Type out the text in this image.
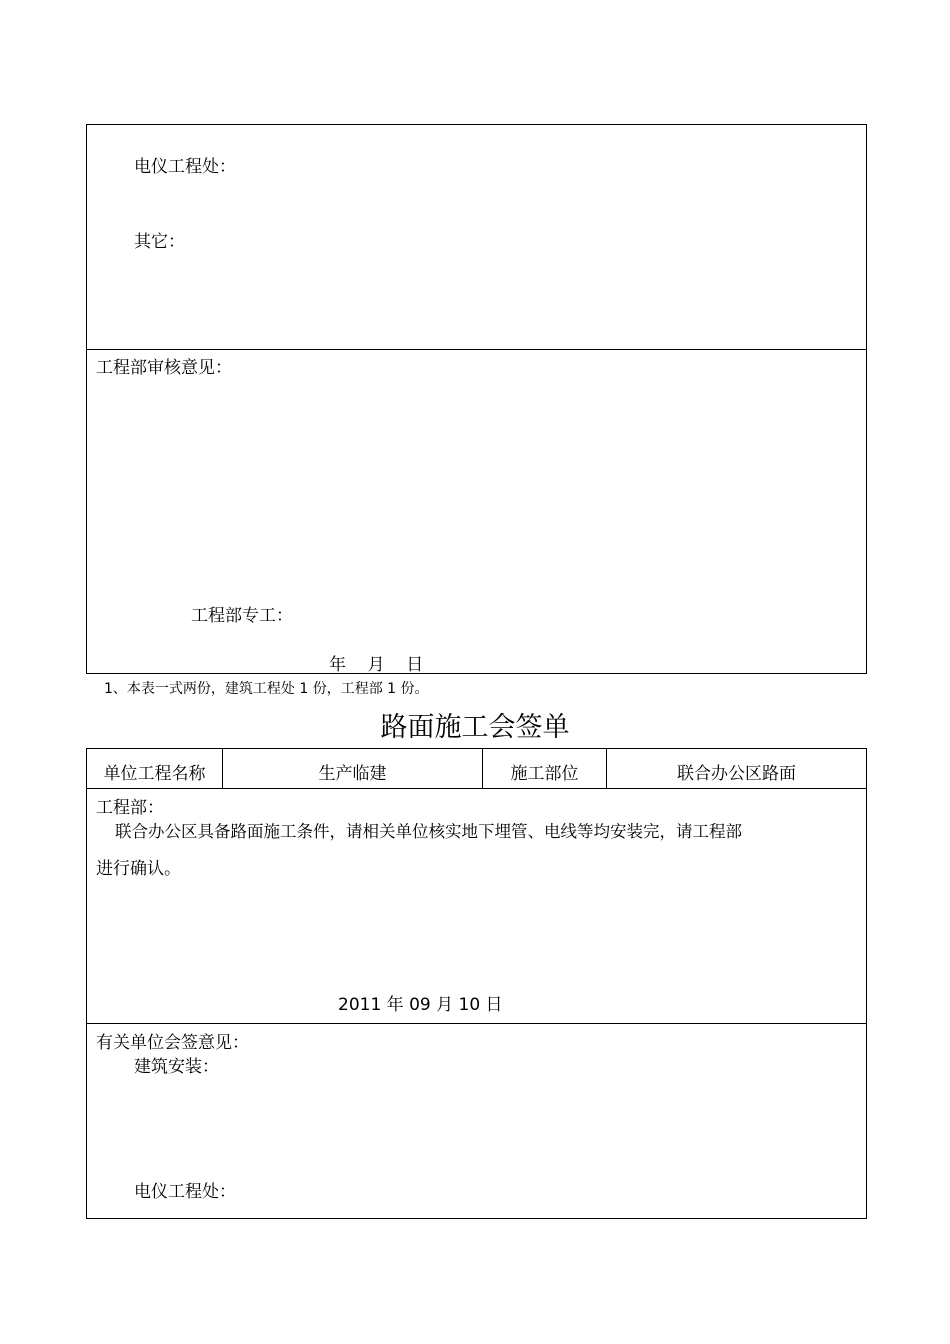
电仪工程处：
其它：
工程部审核意见：
工程部专工：
年    月    日
1、本表一式两份，建筑工程处 1 份，工程部 1 份。
路面施工会签单
单位工程名称	生产临建	施工部位	联合办公区路面
工程部：
联合办公区具备路面施工条件，请相关单位核实地下埋管、电线等均安装完，请工程部
进行确认。
2011 年 09 月 10 日
有关单位会签意见：
建筑安装：
电仪工程处：
